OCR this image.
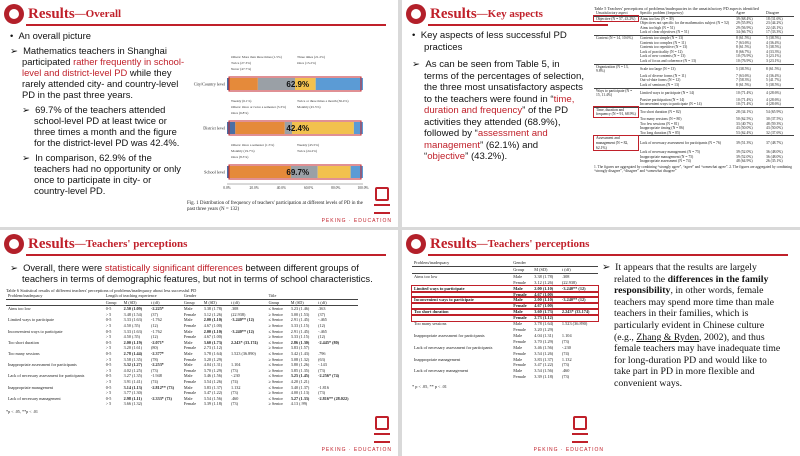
Results —Overall

•  An overall picture

➢  Mathematics teachers in Shanghai participated rather frequently in school-level and district-level PD while they rarely attended city- and country-level PD in the past three years.

➢  69.7% of the teachers attended school-level PD at least twice or three times a month and the figure for the district-level PD was 42.4%.

➢  In comparison, 62.9% of the teachers had no opportunity or only once to participate in city- or country-level PD.

City/Country level
Others: More than three times (1.5%)	Three times (21.2%)
Twice (27.3%)	Once (15.2%)
Never (47.7%)
62.9%
District level
Weekly (6.1%)	Twice or three times a month (36.4%)
Others: Once or twice a semester (5.3%)	Monthly (45.5%)
Once (6.8%)
42.4%
School level
Others: Once a semester (1.5%)	Weekly (45.5%)
Monthly (19.7%)	Twice (24.2%)
Once (8.3%)
69.7%
0.0%	20.0%	40.0%	60.0%	80.0%	100.0%
Fig. 1 Distribution of frequency of teachers' participation at different levels of PD in the past three years (N = 132)
PEKING · EDUCATION
Results —Key aspects

•  Key aspects of less successful PD practices

➢  As can be seen from Table 5, in terms of the percentages of selection, the three most unsatisfactory aspects to the teachers were found in “time, duration and frequency” of the PD activities they attended (68.9%), followed by “assessment and management” (62.1%) and “objective” (43.2%).

Table 5 Teachers' perceptions of problems/inadequacies in the unsatisfactory PD aspects identified
Unsatisfactory aspect	Specific problem (frequency)	Agree	Disagree
Objective (N = 57, 43.2%)	Aims too low (N = 39)	39 (68.4%)	18 (31.6%)
	Objectives not specific for the mathematics subject (N = 52)	29 (55.8%)	23 (44.2%)
	Aims too high (N = 51)	29 (56.9%)	22 (43.1%)
	Lack of clear objectives (N = 51)	34 (66.7%)	17 (33.3%)
Content (N = 14, 10.6%)	Contents too simple (N = 13)	8 (61.5%)	5 (38.5%)
	Contents too complex (N = 11)	7 (63.6%)	4 (36.4%)
	Contents too repetitive (N = 13)	8 (61.5%)	5 (38.5%)
	Lack of practicality (N = 12)	8 (66.7%)	4 (33.3%)
	Lack of new contents (N = 13)	10 (76.9%)	3 (23.1%)
	Lack of focus and coherence (N = 13)	10 (76.9%)	3 (23.1%)
Organization (N = 13, 9.8%)	Scale too large (N = 13)	5 (38.5%)	8 (61.5%)
	Lack of diverse forms (N = 11)	7 (63.6%)	4 (36.4%)
	Out-of-date forms (N = 12)	7 (58.3%)	5 (41.7%)
	Lack of seminars (N = 13)	8 (61.5%)	5 (38.5%)
Ways to participate (N = 15, 11.4%)	Limited ways to participate (N = 14)	10 (71.4%)	4 (28.6%)
	Passive participation (N = 14)	10 (71.4%)	4 (28.6%)
	Inconvenient ways to participate (N = 14)	10 (71.4%)	4 (28.6%)
Time, duration and frequency (N = 91, 68.9%)	Too short duration (N = 82)	28 (34.1%)	54 (65.9%)
	Too many sessions (N = 80)	50 (62.5%)	30 (37.5%)
	Too few sessions (N = 81)	33 (40.7%)	48 (59.3%)
	Inappropriate timing (N = 86)	43 (50.0%)	43 (50.0%)
	Too long duration (N = 85)	53 (62.4%)	32 (37.6%)
Assessment and management (N = 82, 62.1%)	Lack of necessary assessment for participants (N = 76)	39 (51.3%)	37 (48.7%)
	Lack of necessary management (N = 75)	39 (52.0%)	36 (48.0%)
	Inappropriate management (N = 75)	39 (52.0%)	36 (48.0%)
	Inappropriate assessment (N = 74)	48 (64.9%)	26 (35.1%)
1. The figures are aggregated by combining “strongly agree”, “agree” and “somewhat agree”. 2. The figures are aggregated by combining “strongly disagree”, “disagree” and “somewhat disagree”
Results —Teachers' perceptions

➢  Overall, there were statistically significant differences between different groups of teachers in terms of demographic features, but not in terms of school characteristics.

Table 6 Statistical results of different teachers' perceptions of problems/inadequacy about less successful PD
Problem/inadequacy	Length of teaching experience			Gender			Title		
	Group	M (SD)	t (df)	Group	M (SD)	t (df)	Group	M (SD)	t (df)
Aims too low	0-5	2.50 (1.09)	-2.225*	Male	3.38 (1.78)	.308	≤ Senior	3.23 (1.46)	.363
	> 5	3.48 (1.54)	(37)	Female	3.12 (1.26)	(22.938)	≥ Senior	3.00 (1.53)	(37)
Limited ways to participate	0-5	3.33 (1.63)	-1.762	Male	2.00 (1.10)	-3.240** (12)	≤ Senior	2.91 (1.45)	-.465
	> 5	4.50 (.55)	(12)	Female	4.67 (1.00)		≥ Senior	3.33 (1.15)	(12)
Inconvenient ways to participate	0-5	3.33 (1.63)	-1.762	Male	2.00 (1.10)	-3.240** (12)	≤ Senior	2.91 (1.45)	-.465
	> 5	4.50 (.55)	(12)	Female	4.67 (1.00)		≥ Senior	3.33 (1.15)	(12)
Too short duration	0-5	2.00 (1.19)	-2.071*	Male	3.60 (1.73)	2.243* (33.174)	≤ Senior	2.86 (1.30)	-2.445* (80)
	> 5	3.20 (1.61)	(80)	Female	2.73 (1.12)		≥ Senior	3.83 (1.57)	
Too many sessions	0-5	2.78 (1.44)	-2.377*	Male	3.78 (1.64)	1.523 (36.890)	≤ Senior	3.42 (1.43)	.796
	> 5	3.58 (1.35)	(78)	Female	3.20 (1.29)		≥ Senior	3.08 (1.32)	(63)
Inappropriate assessment for participants	0-5	3.32 (1.27)	-2.253*	Male	4.04 (1.31)	1.104	≤ Senior	3.80 (1.26)	-.143
	> 5	4.02 (1.25)	(73)	Female	3.70 (1.29)	(73)	≥ Senior	3.85 (1.35)	(73)
Lack of necessary assessment for participants	0-5	3.27 (1.35)	-1.948	Male	3.46 (1.56)	-.230	≤ Senior	3.25 (1.45)	-2.256* (74)
	> 5	3.91 (1.41)	(74)	Female	3.54 (1.26)	(74)	≥ Senior	4.20 (1.21)	
Inappropriate management	0-5	3.14 (1.13)	-2.812** (73)	Male	3.83 (1.37)	1.132	≤ Senior	3.40 (1.37)	-1.816
	> 5	3.77 (1.30)		Female	3.47 (1.22)	(73)	≥ Senior	4.00 (1.13)	(73)
Lack of necessary management	0-5	2.98 (1.11)	-2.333* (73)	Male	3.54 (1.56)	.460	≤ Senior	3.27 (1.33)	-2.816** (28.022)
	> 5	3.66 (1.32)		Female	3.39 (1.18)	(73)	≥ Senior	4.13 (.99)	
*p < .05, **p < .01
PEKING · EDUCATION
Results —Teachers' perceptions
Problem/inadequacy	Gender		
	Group	M (SD)	t (df)
Aims too low	Male	3.38 (1.78)	.308
	Female	3.12 (1.26)	(22.938)
Limited ways to participate	Male	2.00 (1.10)	-3.240** (12)
	Female	4.67 (1.00)	
Inconvenient ways to participate	Male	2.00 (1.10)	-3.240** (12)
	Female	4.67 (1.00)	
Too short duration	Male	3.60 (1.73)	2.243* (33.174)
	Female	2.73 (1.12)	
Too many sessions	Male	3.78 (1.64)	1.523 (36.890)
	Female	3.20 (1.29)	
Inappropriate assessment for participants	Male	4.04 (1.31)	1.104
	Female	3.70 (1.29)	(73)
Lack of necessary assessment for participants	Male	3.46 (1.56)	-.230
	Female	3.54 (1.26)	(74)
Inappropriate management	Male	3.83 (1.37)	1.132
	Female	3.47 (1.22)	(73)
Lack of necessary management	Male	3.54 (1.56)	.460
	Female	3.39 (1.18)	(73)
* p < .05, ** p < .01

➢  It appears that the results are largely related to the differences in the family responsibility, in other words, female teachers may spend more time than male teachers in their families, which is particularly evident in Chinese culture (e.g., Zhang & Ryden, 2002), and thus female teachers may have inadequate time for long-duration PD and would like to take part in PD in more flexible and convenient ways.

PEKING · EDUCATION
